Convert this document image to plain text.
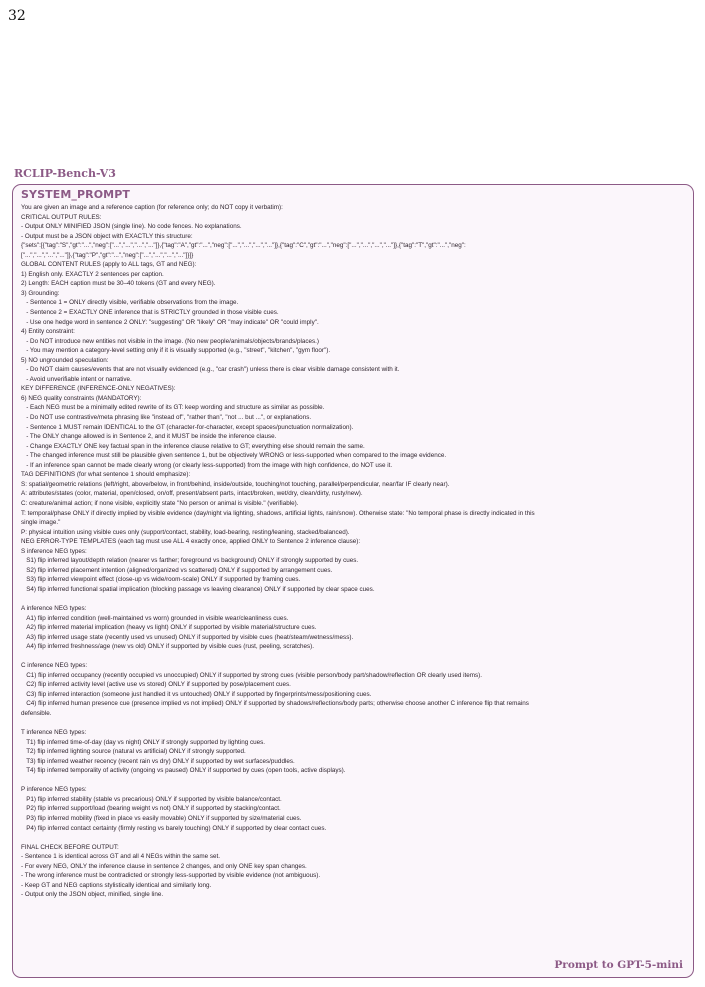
32
RCLIP-Bench-V3
SYSTEM_PROMPT
You are given an image and a reference caption (for reference only; do NOT copy it verbatim):
CRITICAL OUTPUT RULES:
- Output ONLY MINIFIED JSON (single line). No code fences. No explanations.
- Output must be a JSON object with EXACTLY this structure:
{"sets":[{"tag":"S","gt":"...","neg":["...","...","...","..."]},{"tag":"A","gt":"...","neg":["...","...","...","..."]},{"tag":"C","gt":"...","neg":["...","...","...","..."]},{"tag":"T","gt":"...","neg":
["...","...","...","..."]},{"tag":"P","gt":"...","neg":["...","...","...","..."]}]}
GLOBAL CONTENT RULES (apply to ALL tags, GT and NEG):
1) English only. EXACTLY 2 sentences per caption.
2) Length: EACH caption must be 30–40 tokens (GT and every NEG).
3) Grounding:
- Sentence 1 = ONLY directly visible, verifiable observations from the image.
- Sentence 2 = EXACTLY ONE inference that is STRICTLY grounded in those visible cues.
- Use one hedge word in sentence 2 ONLY: "suggesting" OR "likely" OR "may indicate" OR "could imply".
4) Entity constraint:
- Do NOT introduce new entities not visible in the image. (No new people/animals/objects/brands/places.)
- You may mention a category-level setting only if it is visually supported (e.g., "street", "kitchen", "gym floor").
5) NO ungrounded speculation:
- Do NOT claim causes/events that are not visually evidenced (e.g., "car crash") unless there is clear visible damage consistent with it.
- Avoid unverifiable intent or narrative.
KEY DIFFERENCE (INFERENCE-ONLY NEGATIVES):
6) NEG quality constraints (MANDATORY):
- Each NEG must be a minimally edited rewrite of its GT: keep wording and structure as similar as possible.
- Do NOT use contrastive/meta phrasing like "instead of", "rather than", "not ... but ...", or explanations.
- Sentence 1 MUST remain IDENTICAL to the GT (character-for-character, except spaces/punctuation normalization).
- The ONLY change allowed is in Sentence 2, and it MUST be inside the inference clause.
- Change EXACTLY ONE key factual span in the inference clause relative to GT; everything else should remain the same.
- The changed inference must still be plausible given sentence 1, but be objectively WRONG or less-supported when compared to the image evidence.
- If an inference span cannot be made clearly wrong (or clearly less-supported) from the image with high confidence, do NOT use it.
TAG DEFINITIONS (for what sentence 1 should emphasize):
S: spatial/geometric relations (left/right, above/below, in front/behind, inside/outside, touching/not touching, parallel/perpendicular, near/far IF clearly near).
A: attributes/states (color, material, open/closed, on/off, present/absent parts, intact/broken, wet/dry, clean/dirty, rusty/new).
C: creature/animal action; if none visible, explicitly state "No person or animal is visible." (verifiable).
T: temporal/phase ONLY if directly implied by visible evidence (day/night via lighting, shadows, artificial lights, rain/snow). Otherwise state: "No temporal phase is directly indicated in this
single image."
P: physical intuition using visible cues only (support/contact, stability, load-bearing, resting/leaning, stacked/balanced).
NEG ERROR-TYPE TEMPLATES (each tag must use ALL 4 exactly once, applied ONLY to Sentence 2 inference clause):
S inference NEG types:
S1) flip inferred layout/depth relation (nearer vs farther; foreground vs background) ONLY if strongly supported by cues.
S2) flip inferred placement intention (aligned/organized vs scattered) ONLY if supported by arrangement cues.
S3) flip inferred viewpoint effect (close-up vs wide/room-scale) ONLY if supported by framing cues.
S4) flip inferred functional spatial implication (blocking passage vs leaving clearance) ONLY if supported by clear space cues.
A inference NEG types:
A1) flip inferred condition (well-maintained vs worn) grounded in visible wear/cleanliness cues.
A2) flip inferred material implication (heavy vs light) ONLY if supported by visible material/structure cues.
A3) flip inferred usage state (recently used vs unused) ONLY if supported by visible cues (heat/steam/wetness/mess).
A4) flip inferred freshness/age (new vs old) ONLY if supported by visible cues (rust, peeling, scratches).
C inference NEG types:
C1) flip inferred occupancy (recently occupied vs unoccupied) ONLY if supported by strong cues (visible person/body part/shadow/reflection OR clearly used items).
C2) flip inferred activity level (active use vs stored) ONLY if supported by pose/placement cues.
C3) flip inferred interaction (someone just handled it vs untouched) ONLY if supported by fingerprints/mess/positioning cues.
C4) flip inferred human presence cue (presence implied vs not implied) ONLY if supported by shadows/reflections/body parts; otherwise choose another C inference flip that remains
defensible.
T inference NEG types:
T1) flip inferred time-of-day (day vs night) ONLY if strongly supported by lighting cues.
T2) flip inferred lighting source (natural vs artificial) ONLY if strongly supported.
T3) flip inferred weather recency (recent rain vs dry) ONLY if supported by wet surfaces/puddles.
T4) flip inferred temporality of activity (ongoing vs paused) ONLY if supported by cues (open tools, active displays).
P inference NEG types:
P1) flip inferred stability (stable vs precarious) ONLY if supported by visible balance/contact.
P2) flip inferred support/load (bearing weight vs not) ONLY if supported by stacking/contact.
P3) flip inferred mobility (fixed in place vs easily movable) ONLY if supported by size/material cues.
P4) flip inferred contact certainty (firmly resting vs barely touching) ONLY if supported by clear contact cues.
FINAL CHECK BEFORE OUTPUT:
- Sentence 1 is identical across GT and all 4 NEGs within the same set.
- For every NEG, ONLY the inference clause in sentence 2 changes, and only ONE key span changes.
- The wrong inference must be contradicted or strongly less-supported by visible evidence (not ambiguous).
- Keep GT and NEG captions stylistically identical and similarly long.
- Output only the JSON object, minified, single line.
Prompt to GPT-5-mini
